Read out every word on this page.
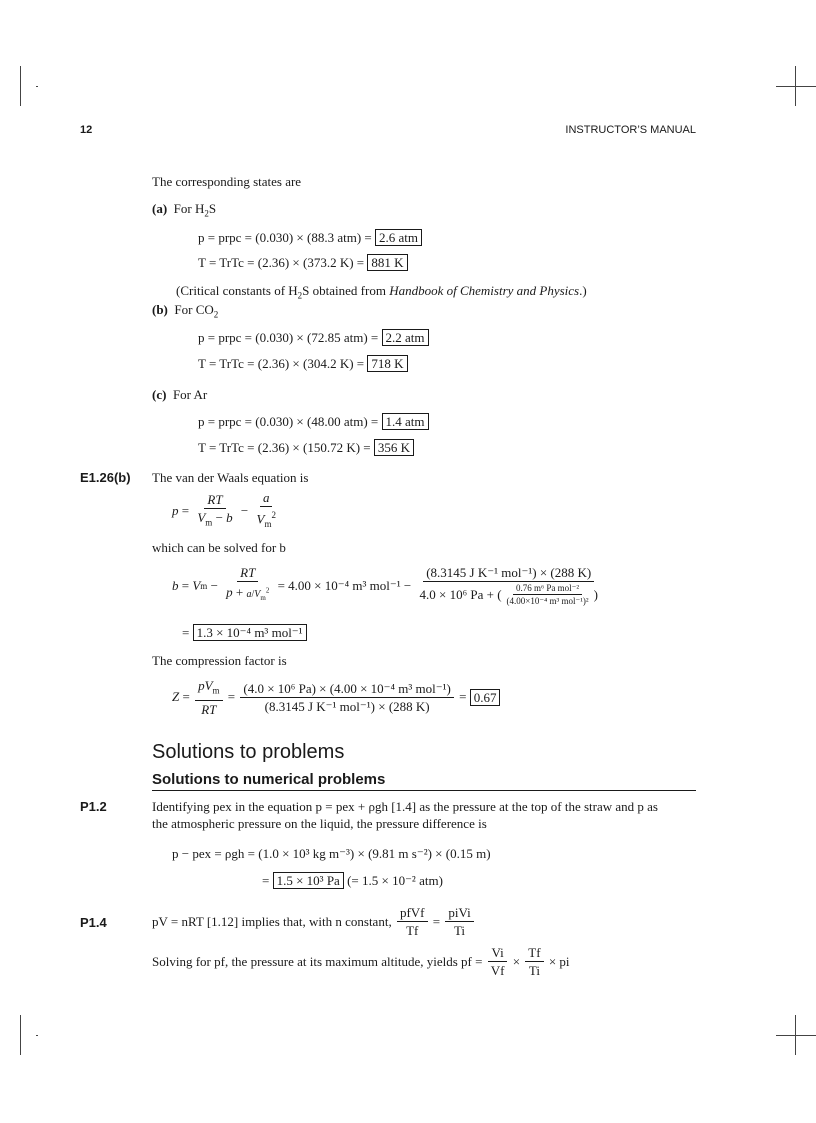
12	INSTRUCTOR’S MANUAL
The corresponding states are
(a) For $H_2S$
p = prpc = (0.030) × (88.3 atm) = 2.6 atm
T = TrTc = (2.36) × (373.2 K) = 881 K
(Critical constants of $H_2S$ obtained from Handbook of Chemistry and Physics.)
(b) For $CO_2$
p = prpc = (0.030) × (72.85 atm) = 2.2 atm
T = TrTc = (2.36) × (304.2 K) = 718 K
(c) For Ar
p = prpc = (0.030) × (48.00 atm) = 1.4 atm
T = TrTc = (2.36) × (150.72 K) = 356 K
E1.26(b) The van der Waals equation is
$p = \frac{RT}{V_m - b} - \frac{a}{V_m^2}$
which can be solved for b
b = V $m - \frac{RT}{p + a/V_m^2}$
= 4.00 × 10⁻⁴ m³ mol⁻¹ −

(8.3145 J K⁻¹ mol⁻¹) × (288 K)
4.0 × 10⁶ Pa + ( $\frac{\text{0.76 m⁶ Pa mol⁻²}}{\text{(4.00×10⁻⁴ m³ mol⁻¹)²}}$ )
= 1.3 × 10⁻⁴ m³ mol⁻¹
The compression factor is
$Z = \frac{pV_m}{RT} = \frac{\text{(4.0 × 10⁶ Pa) × (4.00 × 10⁻⁴ m³ mol⁻¹)}}{\text{(8.3145 J K⁻¹ mol⁻¹) × (288 K)}} = 0.67$
Solutions to problems
Solutions to numerical problems
P1.2	Identifying pex in the equation p = pex + ρgh [1.4] as the pressure at the top of the straw and p as
the atmospheric pressure on the liquid, the pressure difference is
p − pex = ρgh = (1.0 × 10³ kg m⁻³) × (9.81 m s⁻²) × (0.15 m)
= 1.5 × 10³ Pa (= 1.5 × 10⁻² atm)
P1.4	pV = nRT [1.12] implies that, with n constant,
$\frac{\text{pfVf}}{Tf} = \frac{\text{piVi}}{Ti}$
Solving for pf, the pressure at its maximum altitude, yields pf =
$\frac{Vi}{Vf} \times \frac{Tf}{Ti}$
× pi
